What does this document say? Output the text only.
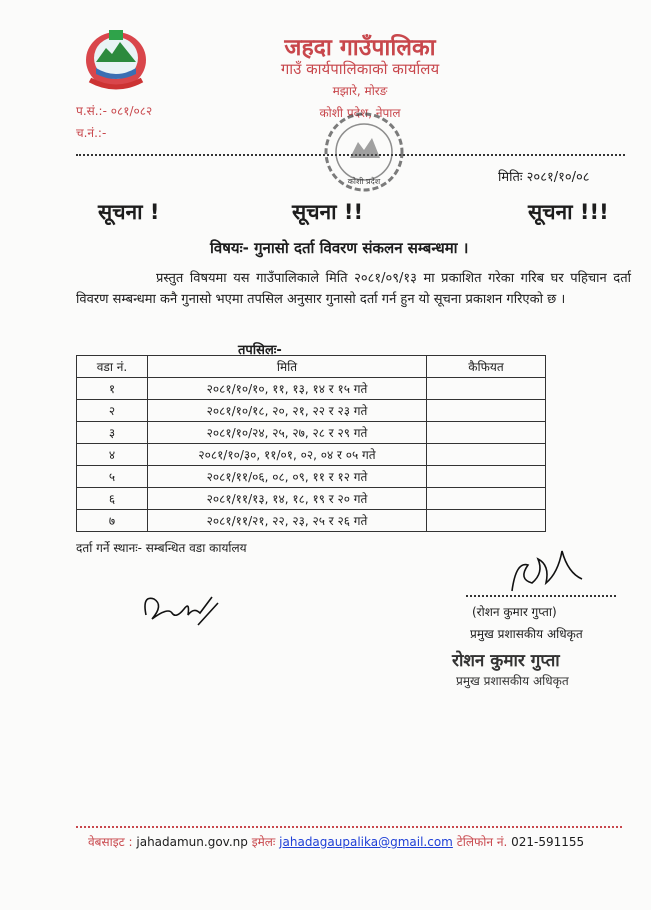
जहदा गाउँपालिका
गाउँ कार्यपालिकाको कार्यालय
मझारे, मोरङ
कोशी प्रदेश, नेपाल
प.सं.:- ०८१/०८२
च.नं.:-
कोशी प्रदेश	मितिः २०८१/१०/०८
सूचना !	सूचना !!	सूचना !!!
विषयः- गुनासो दर्ता विवरण संकलन सम्बन्धमा ।
प्रस्तुत विषयमा यस गाउँपालिकाले मिति २०८१/०९/१३ मा प्रकाशित गरेका गरिब घर पहिचान दर्ता विवरण सम्बन्धमा कनै गुनासो भएमा तपसिल अनुसार गुनासो दर्ता गर्न हुन यो सूचना प्रकाशन गरिएको छ ।
तपसिलः-
वडा नं.	मिति	कैफियत
१	२०८१/१०/१०, ११, १३, १४ र १५ गते	
२	२०८१/१०/१८, २०, २१, २२ र २३ गते	
३	२०८१/१०/२४, २५, २७, २८ र २९ गते	
४	२०८१/१०/३०, ११/०१, ०२, ०४ र ०५ गते	
५	२०८१/११/०६, ०८, ०९, ११ र १२ गते	
६	२०८१/११/१३, १४, १८, १९ र २० गते	
७	२०८१/११/२१, २२, २३, २५ र २६ गते	
दर्ता गर्ने स्थानः- सम्बन्धित वडा कार्यालय
(रोशन कुमार गुप्ता)
प्रमुख प्रशासकीय अधिकृत
रोशन कुमार गुप्ता
प्रमुख प्रशासकीय अधिकृत
वेबसाइट : jahadamun.gov.np इमेलः jahadagaupalika@gmail.com टेलिफोन नं. 021-591155
